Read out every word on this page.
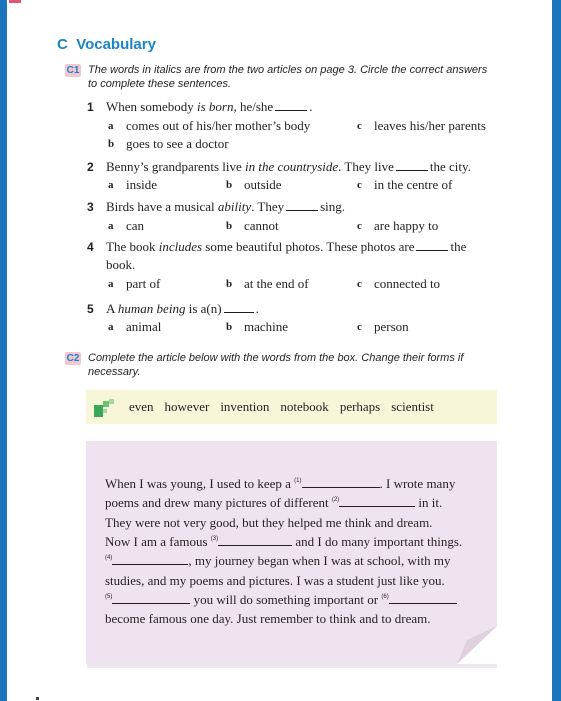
C Vocabulary
C1 The words in italics are from the two articles on page 3. Circle the correct answers
to complete these sentences.
1 When somebody is born, he/she	.
a comes out of his/her mother’s body	c leaves his/her parents
b goes to see a doctor
2 Benny’s grandparents live in the countryside. They live	the city.
a inside	b outside	c in the centre of
3 Birds have a musical ability. They	sing.
a can	b cannot	c are happy to
4 The book includes some beautiful photos. These photos are	the
book.
a part of	b at the end of	c connected to
5 A human being is a(n)	.
a animal	b machine	c person
C2 Complete the article below with the words from the box. Change their forms if
necessary.
even however invention notebook perhaps scientist
When I was young, I used to keep a $^{(1)}$	. I wrote many
poems and drew many pictures of different $^{(2)}$	in it.
They were not very good, but they helped me think and dream.
Now I am a famous $^{(3)}$	and I do many important things.
$^{(4)}$	, my journey began when I was at school, with my
studies, and my poems and pictures. I was a student just like you.
$^{(5)}$	you will do something important or $^{(6)}$
become famous one day. Just remember to think and to dream.
